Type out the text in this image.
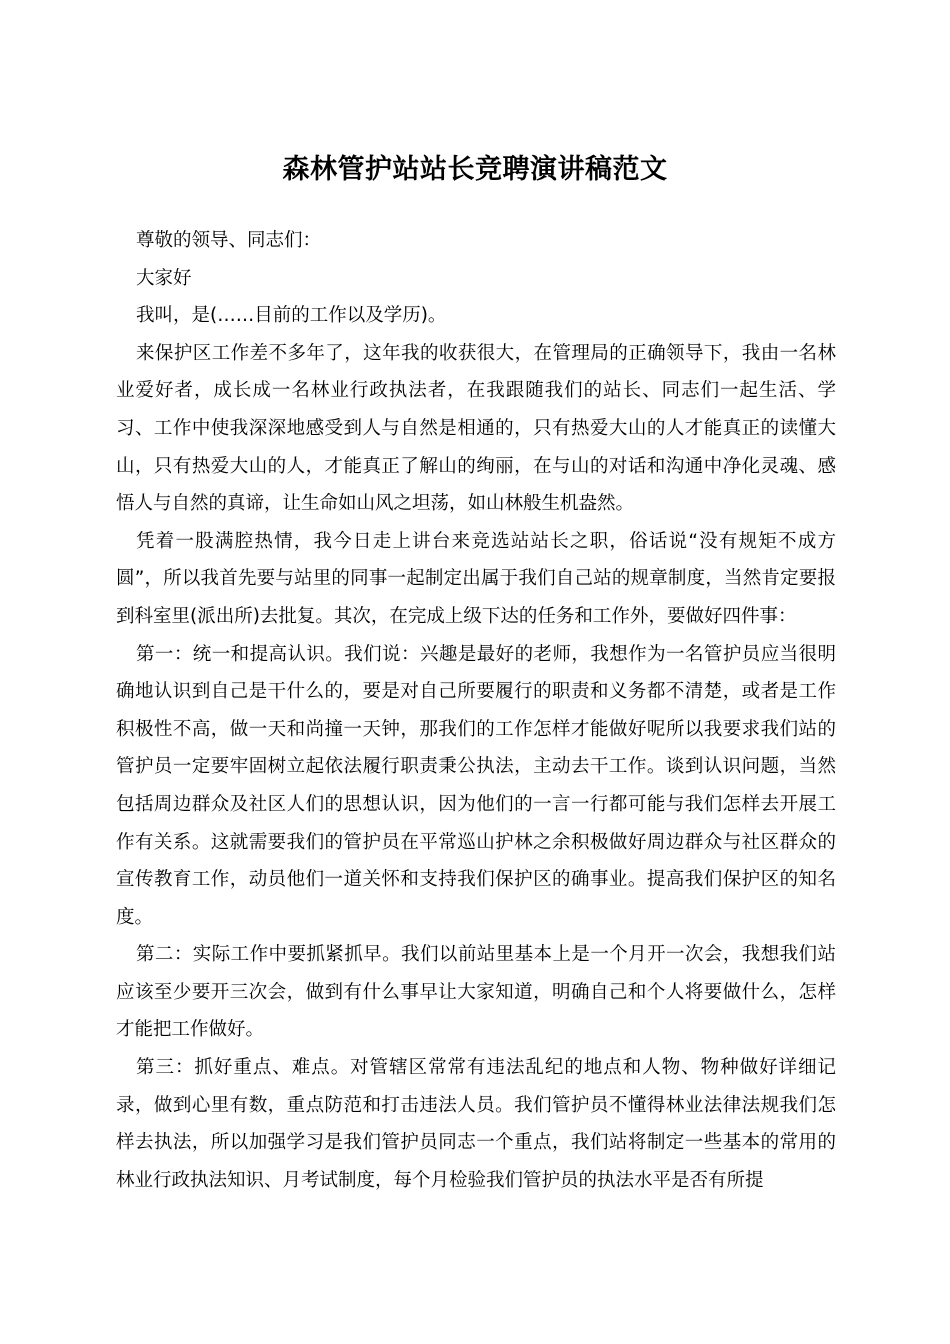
森林管护站站长竞聘演讲稿范文

尊敬的领导、同志们：

大家好

我叫，是(……目前的工作以及学历)。

来保护区工作差不多年了，这年我的收获很大，在管理局的正确领导下，我由一名林业爱好者，成长成一名林业行政执法者，在我跟随我们的站长、同志们一起生活、学习、工作中使我深深地感受到人与自然是相通的，只有热爱大山的人才能真正的读懂大山，只有热爱大山的人，才能真正了解山的绚丽，在与山的对话和沟通中净化灵魂、感悟人与自然的真谛，让生命如山风之坦荡，如山林般生机盎然。

凭着一股满腔热情，我今日走上讲台来竞选站站长之职，俗话说“没有规矩不成方圆”，所以我首先要与站里的同事一起制定出属于我们自己站的规章制度，当然肯定要报到科室里(派出所)去批复。其次，在完成上级下达的任务和工作外，要做好四件事：

第一：统一和提高认识。我们说：兴趣是最好的老师，我想作为一名管护员应当很明确地认识到自己是干什么的，要是对自己所要履行的职责和义务都不清楚，或者是工作积极性不高，做一天和尚撞一天钟，那我们的工作怎样才能做好呢所以我要求我们站的管护员一定要牢固树立起依法履行职责秉公执法，主动去干工作。谈到认识问题，当然包括周边群众及社区人们的思想认识，因为他们的一言一行都可能与我们怎样去开展工作有关系。这就需要我们的管护员在平常巡山护林之余积极做好周边群众与社区群众的宣传教育工作，动员他们一道关怀和支持我们保护区的确事业。提高我们保护区的知名度。

第二：实际工作中要抓紧抓早。我们以前站里基本上是一个月开一次会，我想我们站应该至少要开三次会，做到有什么事早让大家知道，明确自己和个人将要做什么，怎样才能把工作做好。

第三：抓好重点、难点。对管辖区常常有违法乱纪的地点和人物、物种做好详细记录，做到心里有数，重点防范和打击违法人员。我们管护员不懂得林业法律法规我们怎样去执法，所以加强学习是我们管护员同志一个重点，我们站将制定一些基本的常用的林业行政执法知识、月考试制度，每个月检验我们管护员的执法水平是否有所提
